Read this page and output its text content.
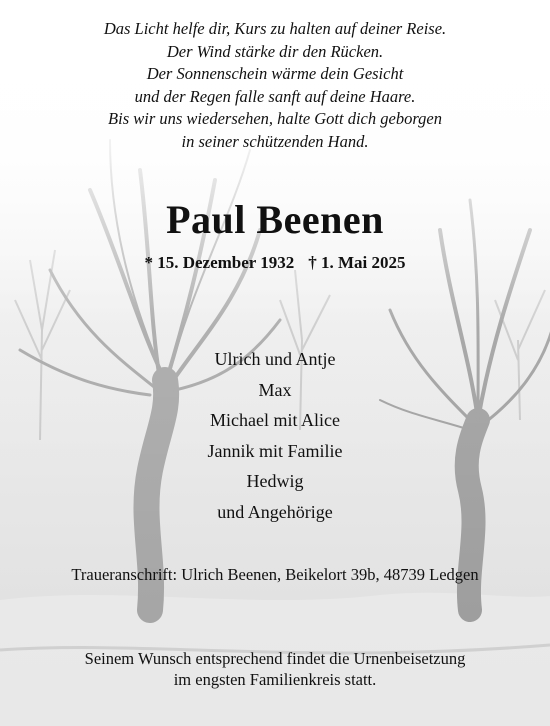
Das Licht helfe dir, Kurs zu halten auf deiner Reise.
Der Wind stärke dir den Rücken.
Der Sonnenschein wärme dein Gesicht
und der Regen falle sanft auf deine Haare.
Bis wir uns wiedersehen, halte Gott dich geborgen
in seiner schützenden Hand.

Paul Beenen

* 15. Dezember 1932 † 1. Mai 2025

Ulrich und Antje
Max
Michael mit Alice
Jannik mit Familie
Hedwig
und Angehörige

Traueranschrift: Ulrich Beenen, Beikelort 39b, 48739 Ledgen

Seinem Wunsch entsprechend findet die Urnenbeisetzung
im engsten Familienkreis statt.
